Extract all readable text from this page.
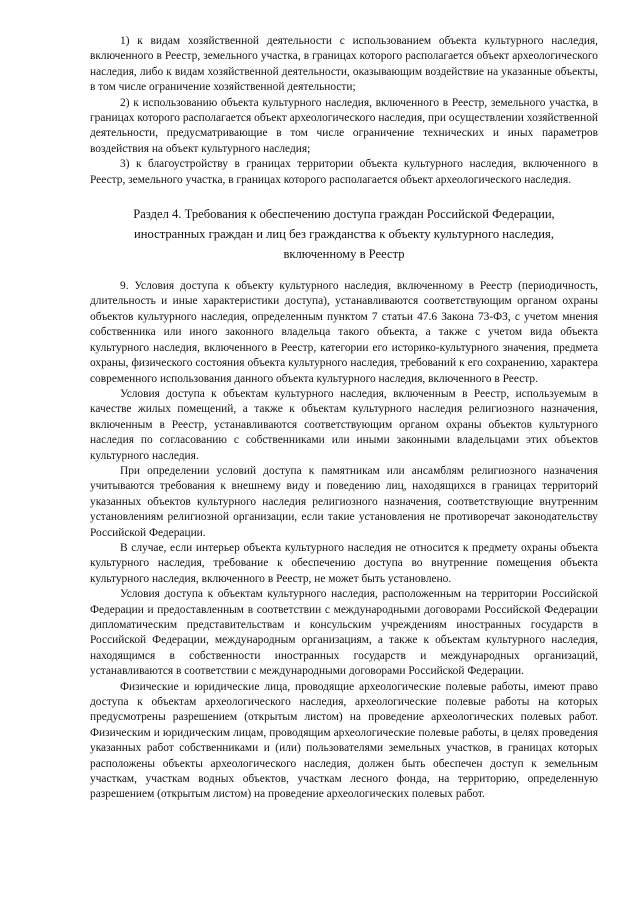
1) к видам хозяйственной деятельности с использованием объекта культурного наследия, включенного в Реестр, земельного участка, в границах которого располагается объект археологического наследия, либо к видам хозяйственной деятельности, оказывающим воздействие на указанные объекты, в том числе ограничение хозяйственной деятельности;

2) к использованию объекта культурного наследия, включенного в Реестр, земельного участка, в границах которого располагается объект археологического наследия, при осуществлении хозяйственной деятельности, предусматривающие в том числе ограничение технических и иных параметров воздействия на объект культурного наследия;

3) к благоустройству в границах территории объекта культурного наследия, включенного в Реестр, земельного участка, в границах которого располагается объект археологического наследия.

Раздел 4. Требования к обеспечению доступа граждан Российской Федерации, иностранных граждан и лиц без гражданства к объекту культурного наследия, включенному в Реестр

9. Условия доступа к объекту культурного наследия, включенному в Реестр (периодичность, длительность и иные характеристики доступа), устанавливаются соответствующим органом охраны объектов культурного наследия, определенным пунктом 7 статьи 47.6 Закона 73-ФЗ, с учетом мнения собственника или иного законного владельца такого объекта, а также с учетом вида объекта культурного наследия, включенного в Реестр, категории его историко-культурного значения, предмета охраны, физического состояния объекта культурного наследия, требований к его сохранению, характера современного использования данного объекта культурного наследия, включенного в Реестр.

Условия доступа к объектам культурного наследия, включенным в Реестр, используемым в качестве жилых помещений, а также к объектам культурного наследия религиозного назначения, включенным в Реестр, устанавливаются соответствующим органом охраны объектов культурного наследия по согласованию с собственниками или иными законными владельцами этих объектов культурного наследия.

При определении условий доступа к памятникам или ансамблям религиозного назначения учитываются требования к внешнему виду и поведению лиц, находящихся в границах территорий указанных объектов культурного наследия религиозного назначения, соответствующие внутренним установлениям религиозной организации, если такие установления не противоречат законодательству Российской Федерации.

В случае, если интерьер объекта культурного наследия не относится к предмету охраны объекта культурного наследия, требование к обеспечению доступа во внутренние помещения объекта культурного наследия, включенного в Реестр, не может быть установлено.

Условия доступа к объектам культурного наследия, расположенным на территории Российской Федерации и предоставленным в соответствии с международными договорами Российской Федерации дипломатическим представительствам и консульским учреждениям иностранных государств в Российской Федерации, международным организациям, а также к объектам культурного наследия, находящимся в собственности иностранных государств и международных организаций, устанавливаются в соответствии с международными договорами Российской Федерации.

Физические и юридические лица, проводящие археологические полевые работы, имеют право доступа к объектам археологического наследия, археологические полевые работы на которых предусмотрены разрешением (открытым листом) на проведение археологических полевых работ. Физическим и юридическим лицам, проводящим археологические полевые работы, в целях проведения указанных работ собственниками и (или) пользователями земельных участков, в границах которых расположены объекты археологического наследия, должен быть обеспечен доступ к земельным участкам, участкам водных объектов, участкам лесного фонда, на территорию, определенную разрешением (открытым листом) на проведение археологических полевых работ.
